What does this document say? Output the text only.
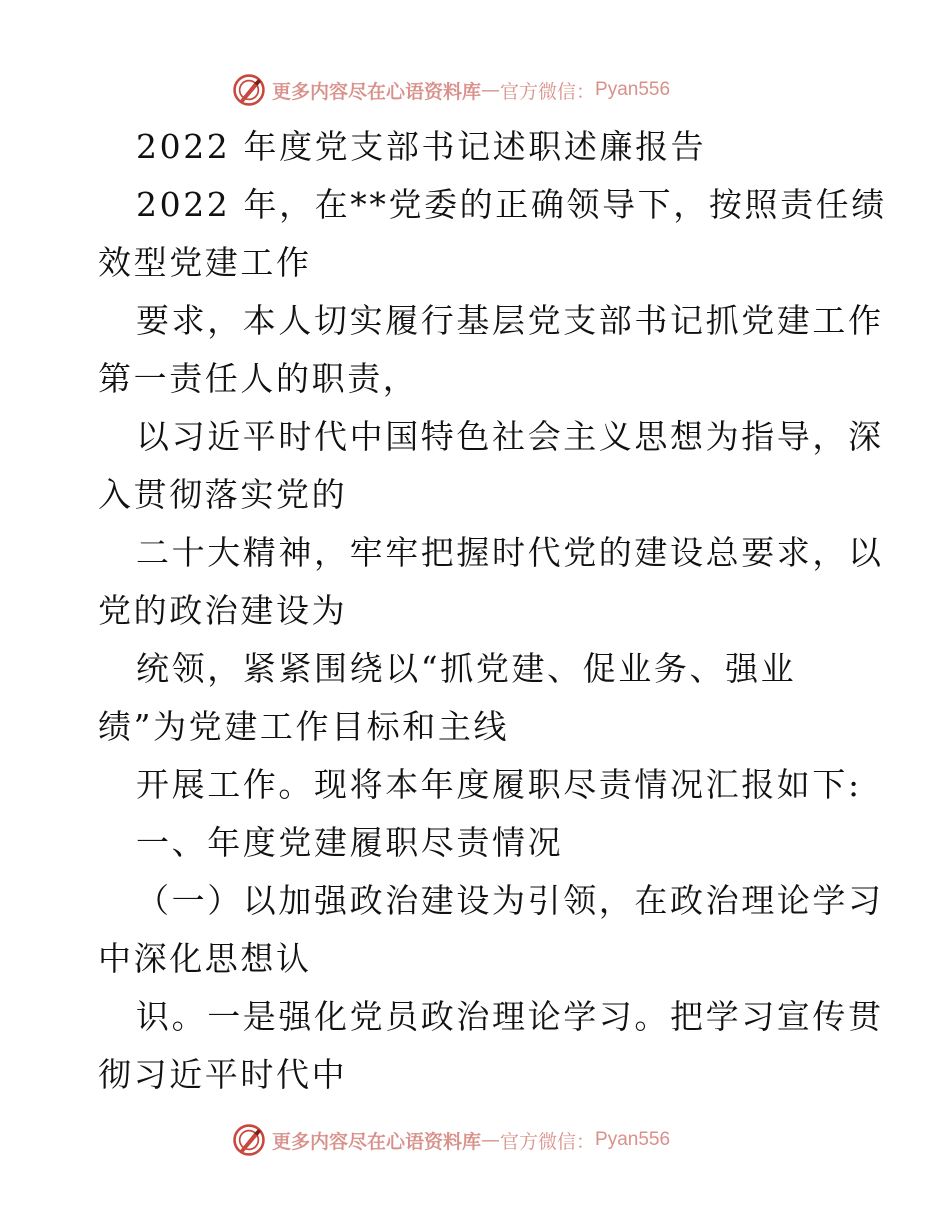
更多内容尽在心语资料库 — 官方微信： Pyan556
2022 年度党支部书记述职述廉报告
2022 年，在**党委的正确领导下，按照责任绩
效型党建工作
要求，本人切实履行基层党支部书记抓党建工作
第一责任人的职责，
以习近平时代中国特色社会主义思想为指导，深
入贯彻落实党的
二十大精神，牢牢把握时代党的建设总要求，以
党的政治建设为
统领，紧紧围绕以“抓党建、促业务、强业
绩”为党建工作目标和主线
开展工作。现将本年度履职尽责情况汇报如下:
一、年度党建履职尽责情况
（一）以加强政治建设为引领，在政治理论学习
中深化思想认
识。一是强化党员政治理论学习。把学习宣传贯
彻习近平时代中
更多内容尽在心语资料库 — 官方微信： Pyan556
